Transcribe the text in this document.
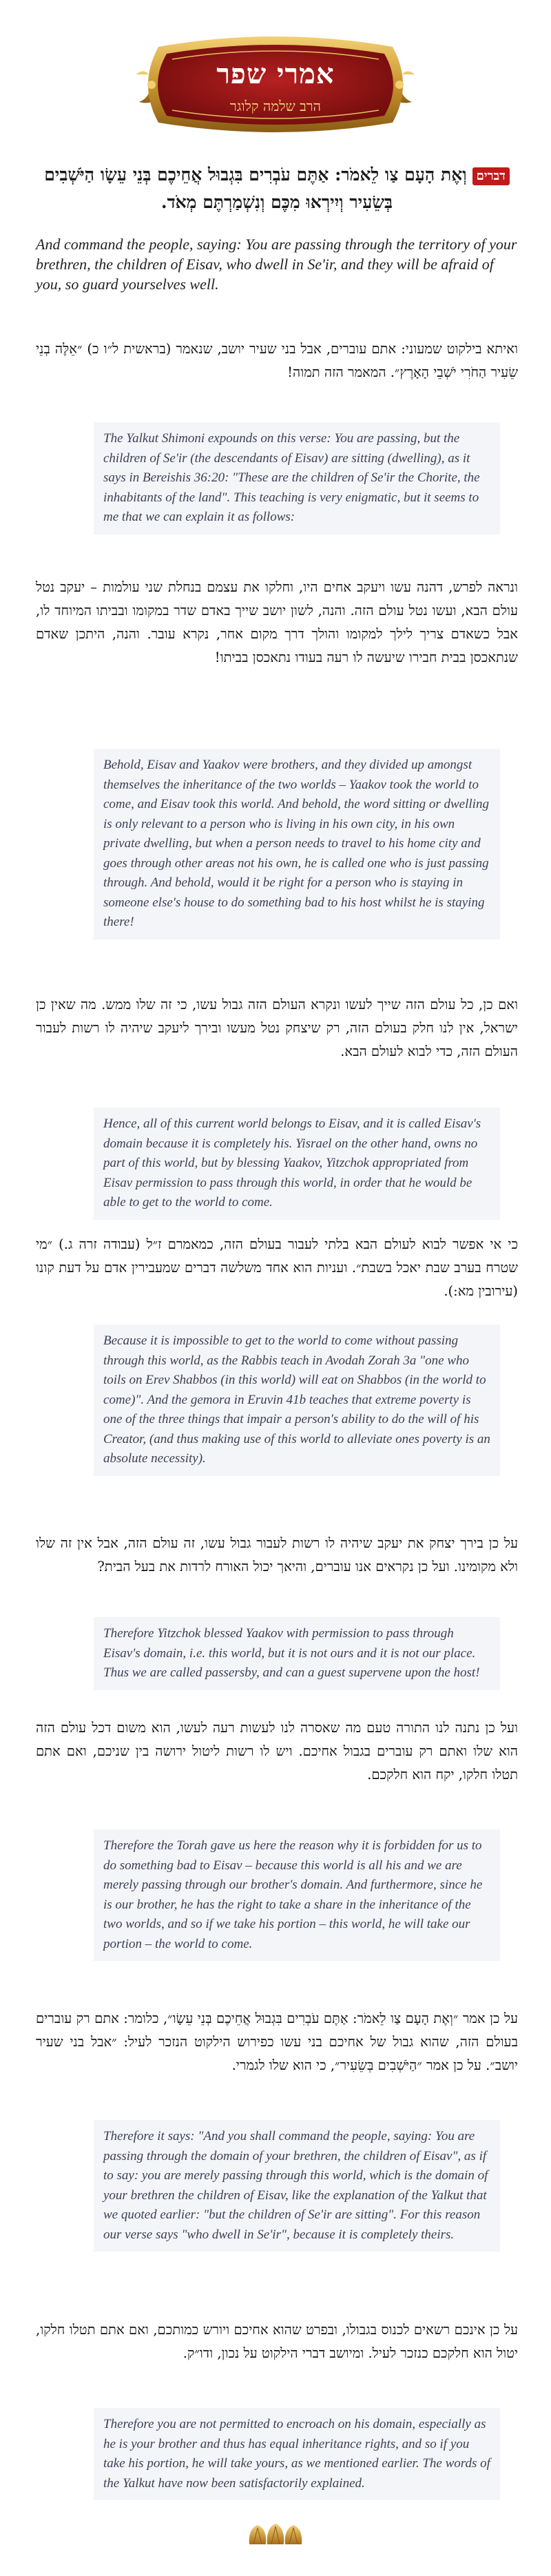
אמרי שפר
הרב שלמה קלוגר
דבריםוְאֶת הָעָם צַו לֵאמֹר: אַתֶּם עֹבְרִים בִּגְבוּל אֲחֵיכֶם בְּנֵי עֵשָׂו הַיֹּשְׁבִים בְּשֵׂעִיר וְיִירְאוּ מִכֶּם וְנִשְׁמַרְתֶּם מְאֹד.
And command the people, saying: You are passing through the territory of your brethren, the children of Eisav, who dwell in Se'ir, and they will be afraid of you, so guard yourselves well.
ואיתא בילקוט שמעוני: אתם עוברים, אבל בני שעיר יושב, שנאמר (בראשית ל״ו כ) ״אֵלֶּה בְנֵי שֵׂעִיר הַחֹרִי יֹשְׁבֵי הָאָרֶץ״. המאמר הזה תמוה!
The Yalkut Shimoni expounds on this verse: You are passing, but the children of Se'ir (the descendants of Eisav) are sitting (dwelling), as it says in Bereishis 36:20: "These are the children of Se'ir the Chorite, the inhabitants of the land". This teaching is very enigmatic, but it seems to me that we can explain it as follows:
ונראה לפרש, דהנה עשו ויעקב אחים היו, וחלקו את עצמם בנחלת שני עולמות – יעקב נטל עולם הבא, ועשו נטל עולם הזה. והנה, לשון יושב שייך באדם שדר במקומו ובביתו המיוחד לו, אבל כשאדם צריך לילך למקומו והולך דרך מקום אחר, נקרא עובר. והנה, היתכן שאדם שנתאכסן בבית חבירו שיעשה לו רעה בעודו נתאכסן בביתו!
Behold, Eisav and Yaakov were brothers, and they divided up amongst themselves the inheritance of the two worlds – Yaakov took the world to come, and Eisav took this world. And behold, the word sitting or dwelling is only relevant to a person who is living in his own city, in his own private dwelling, but when a person needs to travel to his home city and goes through other areas not his own, he is called one who is just passing through. And behold, would it be right for a person who is staying in someone else's house to do something bad to his host whilst he is staying there!
ואם כן, כל עולם הזה שייך לעשו ונקרא העולם הזה גבול עשו, כי זה שלו ממש. מה שאין כן ישראל, אין לנו חלק בעולם הזה, רק שיצחק נטל מעשו ובירך ליעקב שיהיה לו רשות לעבור העולם הזה, כדי לבוא לעולם הבא.
Hence, all of this current world belongs to Eisav, and it is called Eisav's domain because it is completely his. Yisrael on the other hand, owns no part of this world, but by blessing Yaakov, Yitzchok appropriated from Eisav permission to pass through this world, in order that he would be able to get to the world to come.
כי אי אפשר לבוא לעולם הבא בלתי לעבור בעולם הזה, כמאמרם ז״ל (עבודה זרה ג.) ״מי שטרח בערב שבת יאכל בשבת״. ועניות הוא אחד משלשה דברים שמעבירין אדם על דעת קונו (עירובין מא:).
Because it is impossible to get to the world to come without passing through this world, as the Rabbis teach in Avodah Zorah 3a "one who toils on Erev Shabbos (in this world) will eat on Shabbos (in the world to come)". And the gemora in Eruvin 41b teaches that extreme poverty is one of the three things that impair a person's ability to do the will of his Creator, (and thus making use of this world to alleviate ones poverty is an absolute necessity).
על כן בירך יצחק את יעקב שיהיה לו רשות לעבור גבול עשו, זה עולם הזה, אבל אין זה שלו ולא מקומינו. ועל כן נקראים אנו עוברים, והיאך יכול האורח לרדות את בעל הבית?
Therefore Yitzchok blessed Yaakov with permission to pass through Eisav's domain, i.e. this world, but it is not ours and it is not our place. Thus we are called passersby, and can a guest supervene upon the host!
ועל כן נתנה לנו התורה טעם מה שאסרה לנו לעשות רעה לעשו, הוא משום דכל עולם הזה הוא שלו ואתם רק עוברים בגבול אחיכם. ויש לו רשות ליטול ירושה בין שניכם, ואם אתם תטלו חלקו, יקח הוא חלקכם.
Therefore the Torah gave us here the reason why it is forbidden for us to do something bad to Eisav – because this world is all his and we are merely passing through our brother's domain. And furthermore, since he is our brother, he has the right to take a share in the inheritance of the two worlds, and so if we take his portion – this world, he will take our portion – the world to come.
על כן אמר ״וְאֶת הָעָם צַו לֵאמֹר: אַתֶּם עֹבְרִים בִּגְבוּל אֲחֵיכֶם בְּנֵי עֵשָׂו״, כלומר: אתם רק עוברים בעולם הזה, שהוא גבול של אחיכם בני עשו כפירוש הילקוט הנזכר לעיל: ״אבל בני שעיר יושב״. על כן אמר ״הַיֹּשְׁבִים בְּשֵׂעִיר״, כי הוא שלו לגמרי.
Therefore it says: "And you shall command the people, saying: You are passing through the domain of your brethren, the children of Eisav", as if to say: you are merely passing through this world, which is the domain of your brethren the children of Eisav, like the explanation of the Yalkut that we quoted earlier: "but the children of Se'ir are sitting". For this reason our verse says "who dwell in Se'ir", because it is completely theirs.
על כן אינכם רשאים לכנוס בגבולו, ובפרט שהוא אחיכם ויורש כמותכם, ואם אתם תטלו חלקו, יטול הוא חלקכם כנזכר לעיל. ומיושב דברי הילקוט על נכון, ודו״ק.
Therefore you are not permitted to encroach on his domain, especially as he is your brother and thus has equal inheritance rights, and so if you take his portion, he will take yours, as we mentioned earlier. The words of the Yalkut have now been satisfactorily explained.
